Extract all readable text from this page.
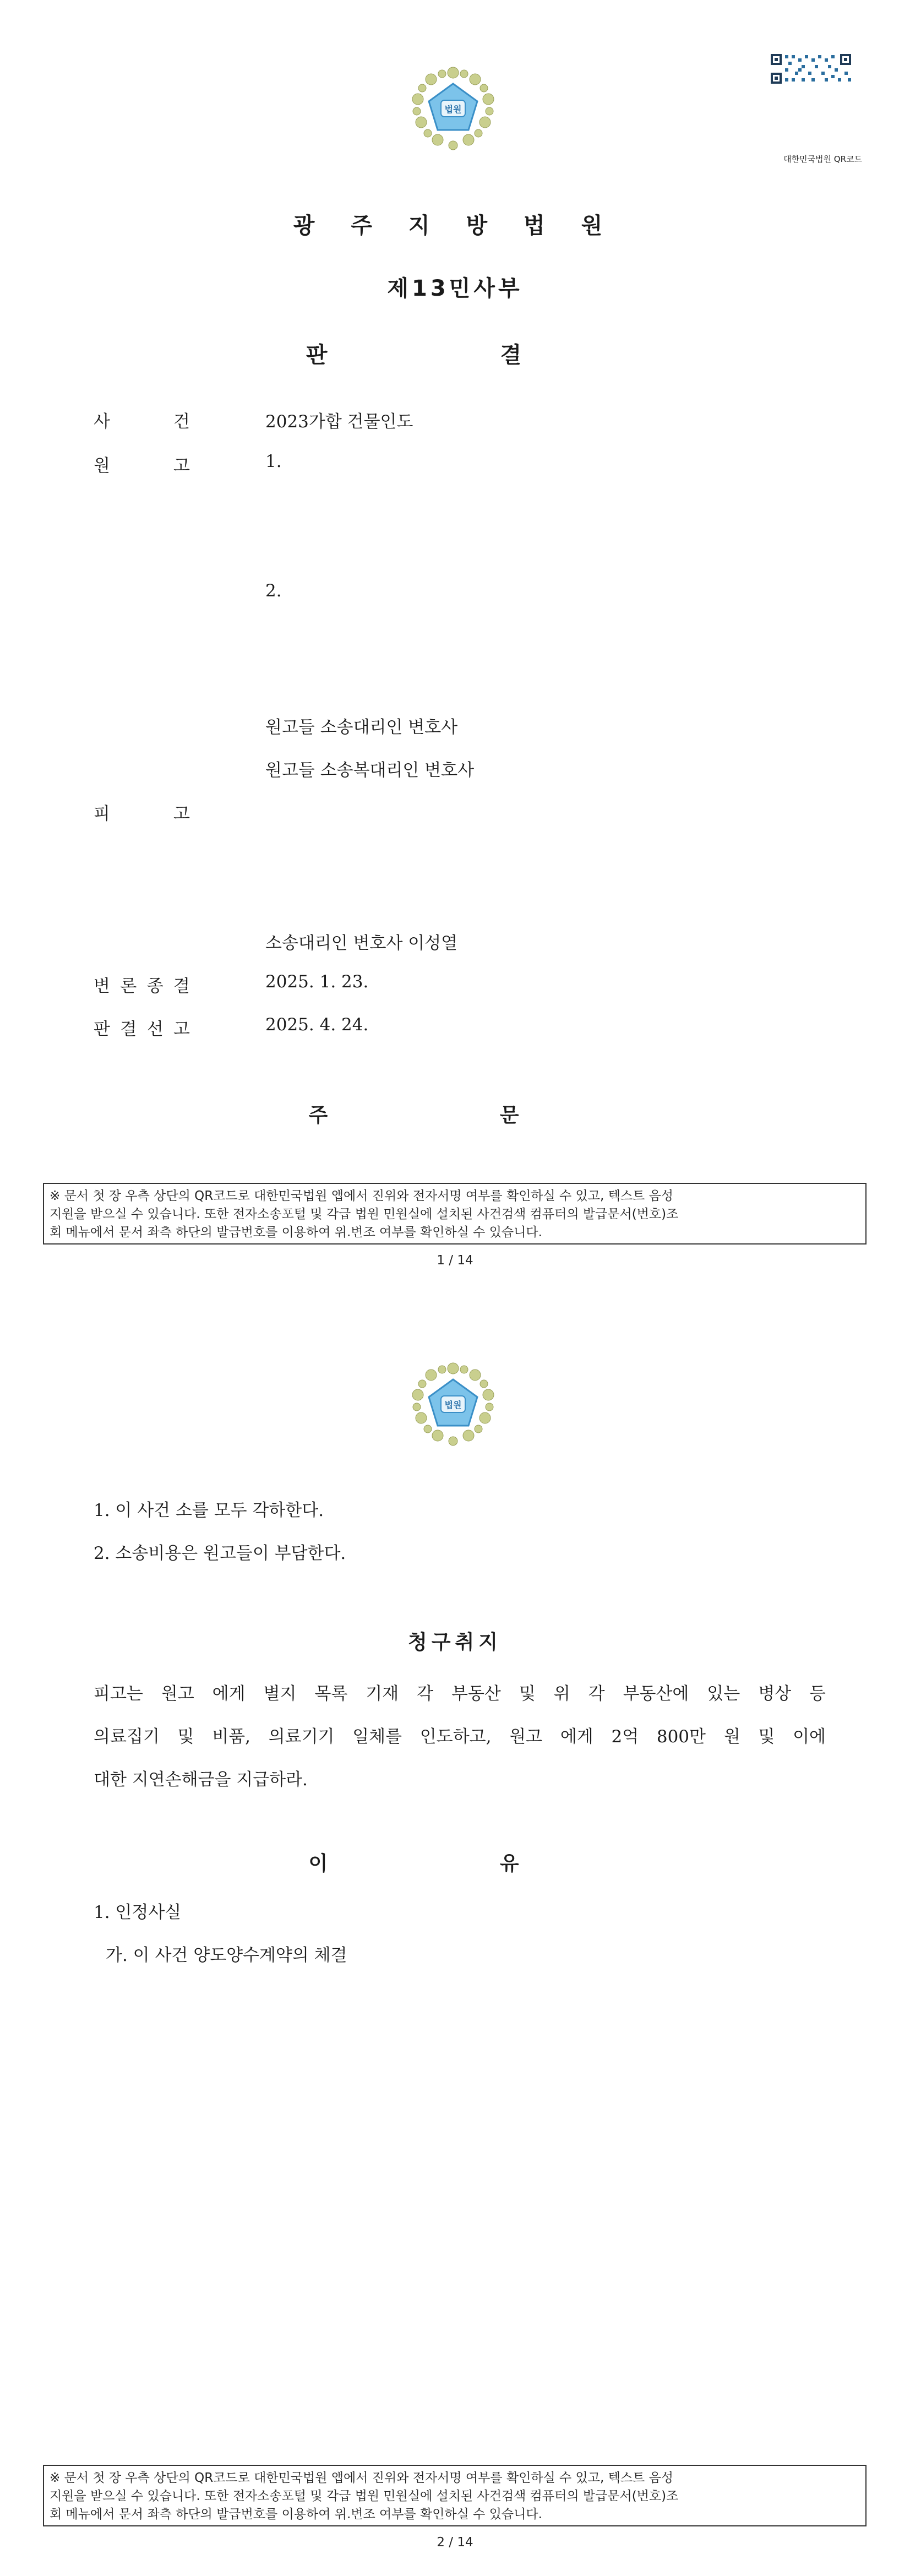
법원
대한민국법원 QR코드
광 주 지 방 법 원
제13민사부
판 결
사 건	2023가합 건물인도
원 고	1.
2.
원고들 소송대리인 변호사
원고들 소송복대리인 변호사
피 고
소송대리인 변호사 이성열
변 론 종 결	2025. 1. 23.
판 결 선 고	2025. 4. 24.
주 문
※ 문서 첫 장 우측 상단의 QR코드로 대한민국법원 앱에서 진위와 전자서명 여부를 확인하실 수 있고, 텍스트 음성
지원을 받으실 수 있습니다. 또한 전자소송포털 및 각급 법원 민원실에 설치된 사건검색 컴퓨터의 발급문서(번호)조
회 메뉴에서 문서 좌측 하단의 발급번호를 이용하여 위.변조 여부를 확인하실 수 있습니다.
1 / 14
법원
1. 이 사건 소를 모두 각하한다.
2. 소송비용은 원고들이 부담한다.
청구취지
피고는 원고 에게 별지 목록 기재 각 부동산 및 위 각 부동산에 있는 병상 등
의료집기 및 비품, 의료기기 일체를 인도하고, 원고 에게 2억 800만 원 및 이에
대한 지연손해금을 지급하라.
이 유
1. 인정사실
가. 이 사건 양도양수계약의 체결
※ 문서 첫 장 우측 상단의 QR코드로 대한민국법원 앱에서 진위와 전자서명 여부를 확인하실 수 있고, 텍스트 음성
지원을 받으실 수 있습니다. 또한 전자소송포털 및 각급 법원 민원실에 설치된 사건검색 컴퓨터의 발급문서(번호)조
회 메뉴에서 문서 좌측 하단의 발급번호를 이용하여 위.변조 여부를 확인하실 수 있습니다.
2 / 14
